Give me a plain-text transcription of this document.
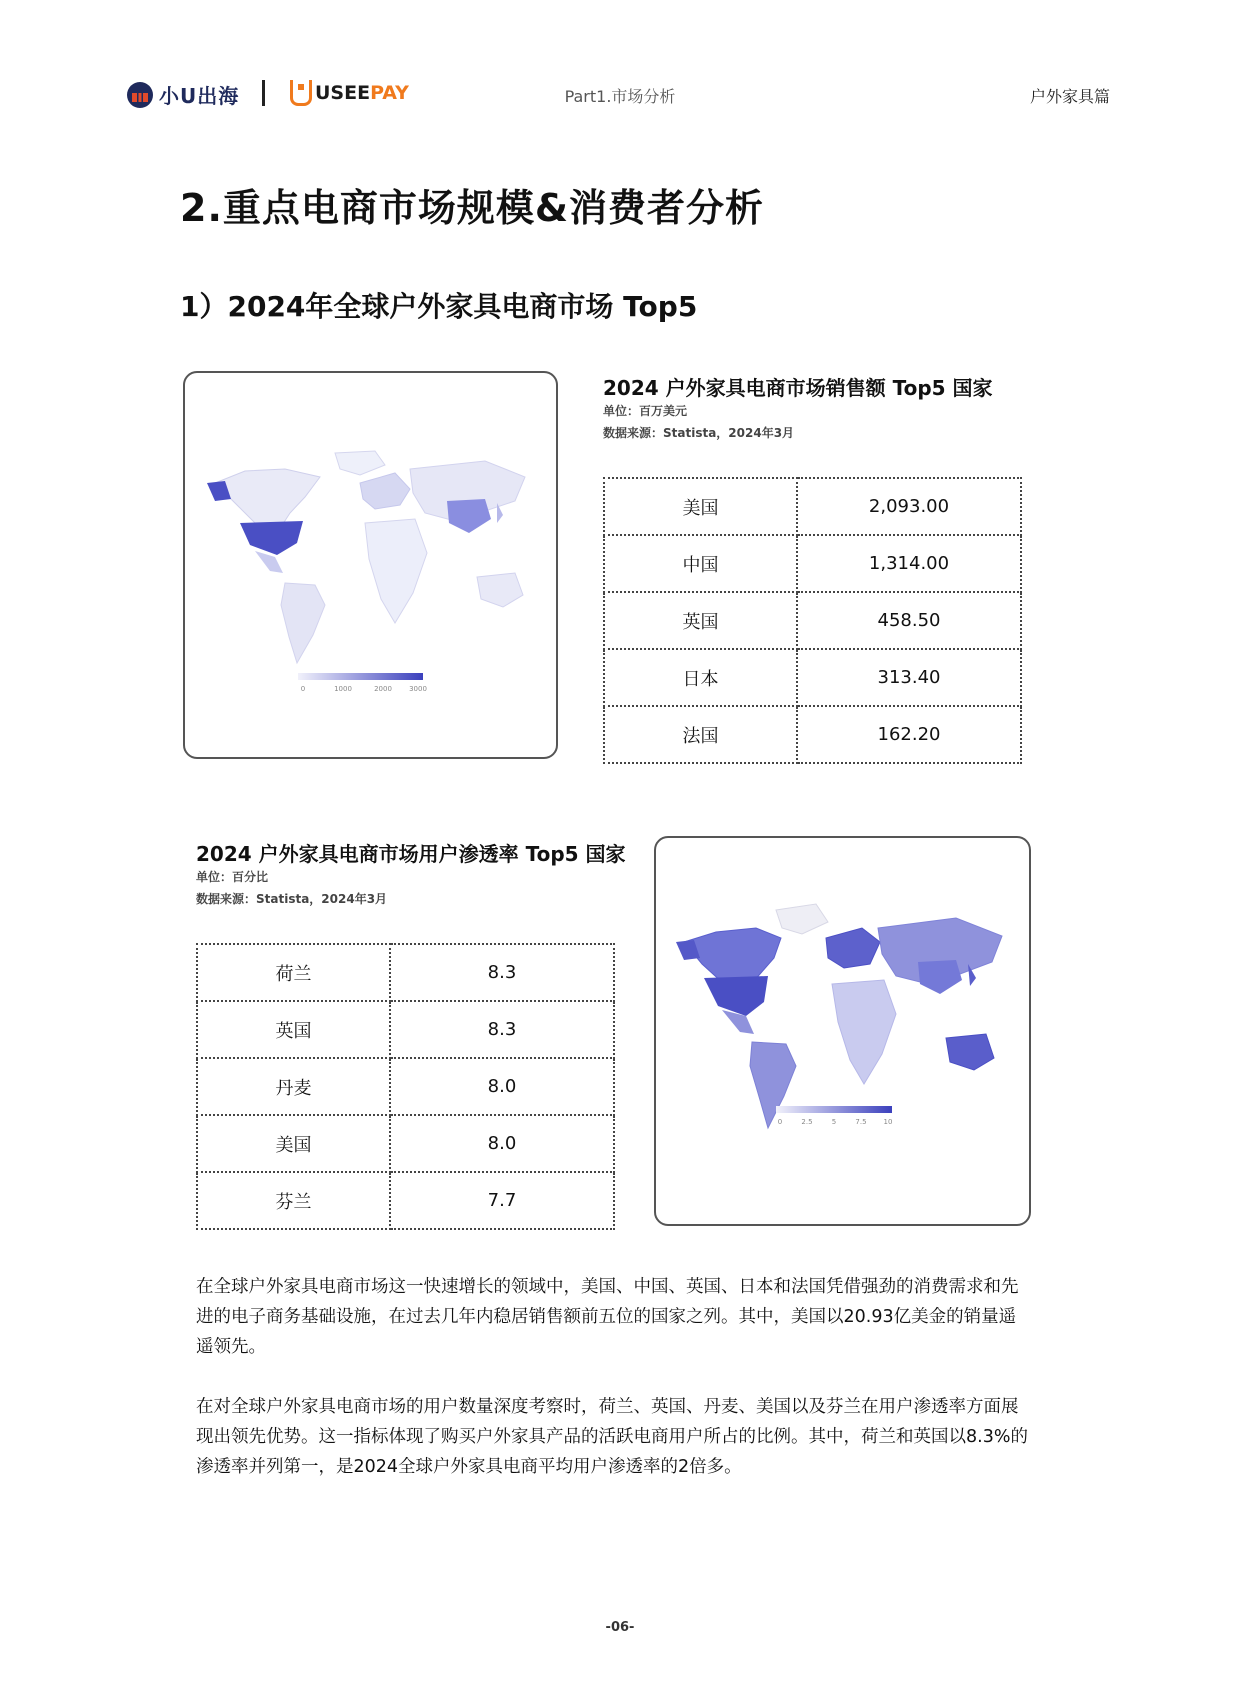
小U出海	USEEPAY	Part1.市场分析	户外家具篇
2.重点电商市场规模&消费者分析
1）2024年全球户外家具电商市场 Top5
0	1000	2000 3000
2024 户外家具电商市场销售额 Top5 国家
单位：百万美元
数据来源：Statista，2024年3月
美国	2,093.00
中国	1,314.00
英国	458.50
日本	313.40
法国	162.20
2024 户外家具电商市场用户渗透率 Top5 国家
单位：百分比
数据来源：Statista，2024年3月
荷兰	8.3
英国	8.3
丹麦	8.0
美国	8.0
芬兰	7.7
0	2.5	5	7.5 10
在全球户外家具电商市场这一快速增长的领域中，美国、中国、英国、日本和法国凭借强劲的消费需求和先进的电子商务基础设施，在过去几年内稳居销售额前五位的国家之列。其中，美国以20.93亿美金的销量遥遥领先。
在对全球户外家具电商市场的用户数量深度考察时，荷兰、英国、丹麦、美国以及芬兰在用户渗透率方面展现出领先优势。这一指标体现了购买户外家具产品的活跃电商用户所占的比例。其中，荷兰和英国以8.3%的渗透率并列第一，是2024全球户外家具电商平均用户渗透率的2倍多。
-06-
